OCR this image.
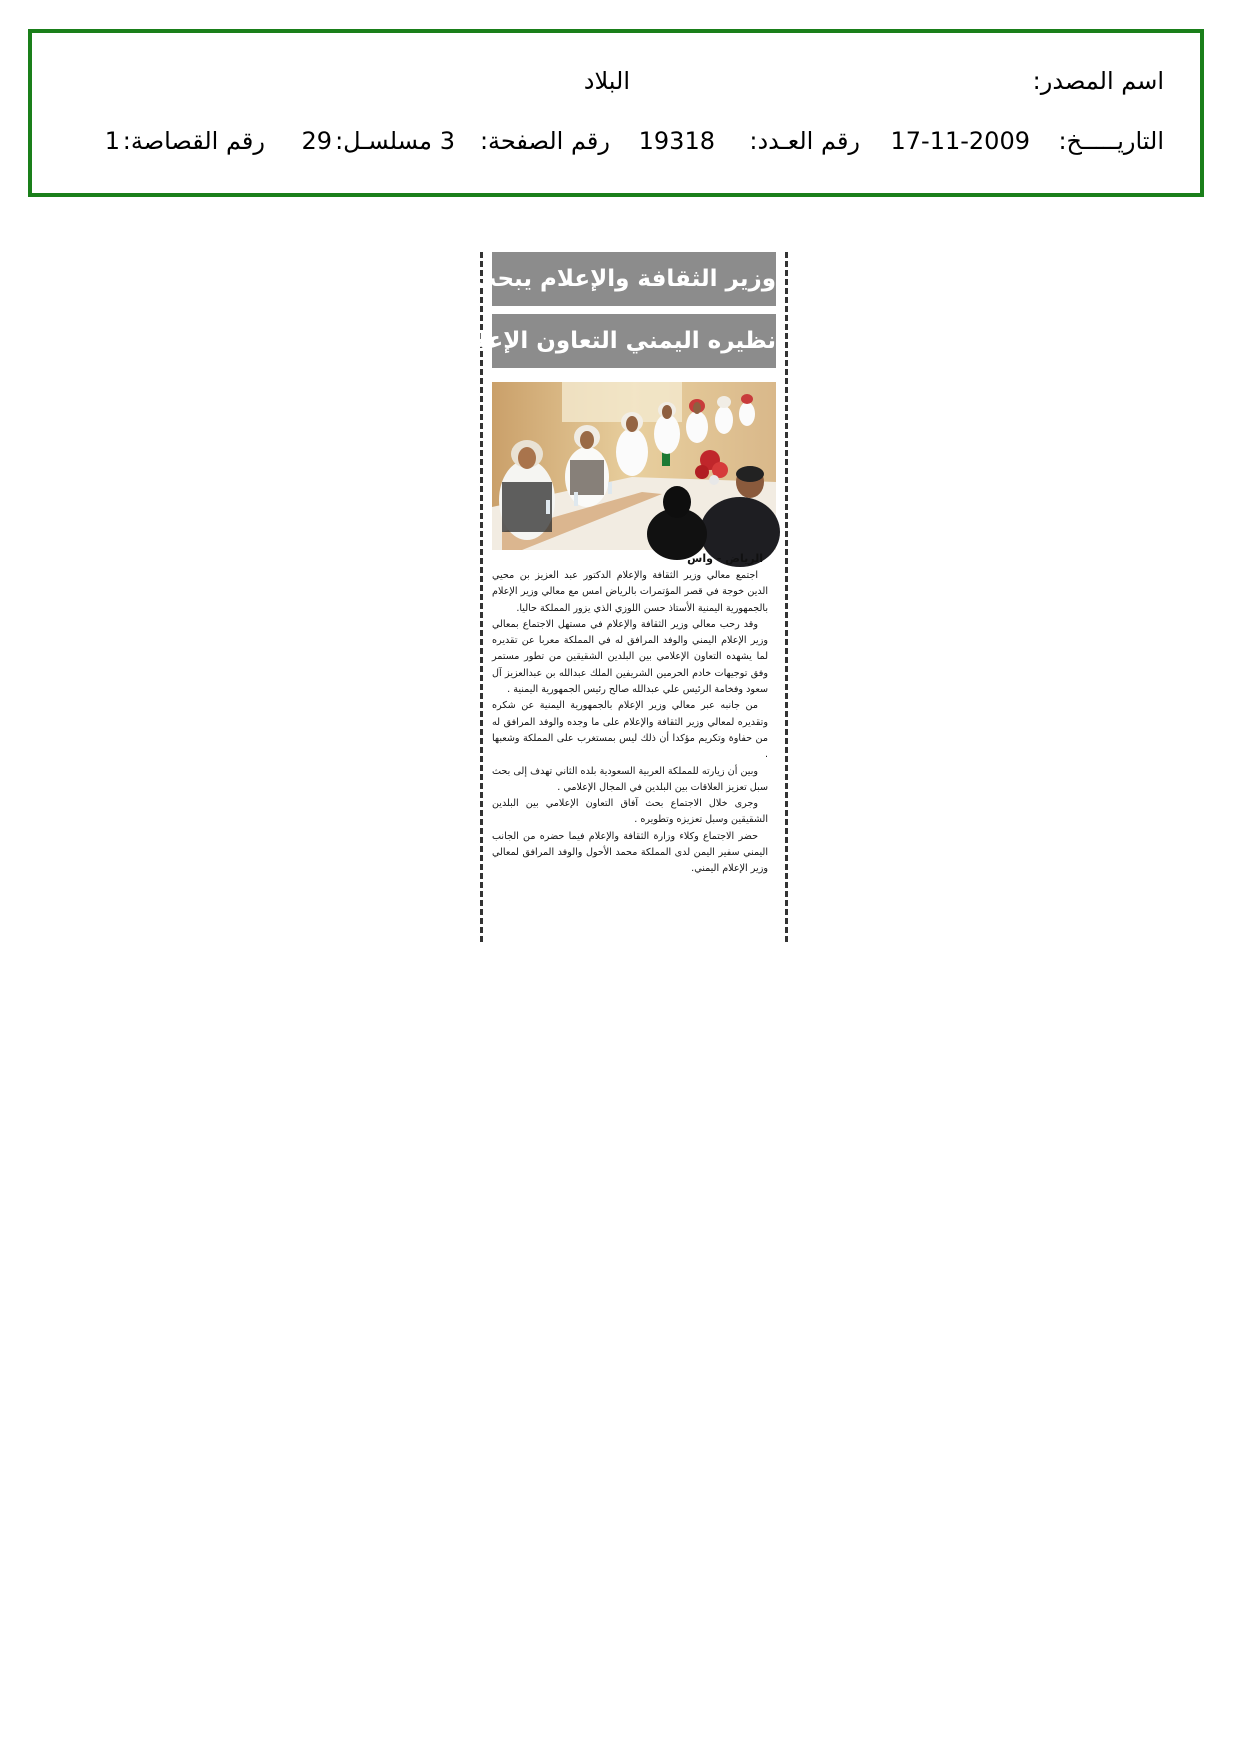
اسم المصدر:
البلاد
التاريـــــخ:
17-11-2009
رقم العـدد:
19318
رقم الصفحة:
3
مسلسـل:
29
رقم القصاصة:
1
وزير الثقافة والإعلام يبحث مع
نظيره اليمني التعاون الإعلامي
الرياض - واس

اجتمع معالي وزير الثقافة والإعلام الدكتور عبد العزيز بن محيي الدين خوجة في قصر المؤتمرات بالرياض امس مع معالي وزير الإعلام بالجمهورية اليمنية الأستاذ حسن اللوزي الذي يزور المملكة حاليا.

وقد رحب معالي وزير الثقافة والإعلام في مستهل الاجتماع بمعالي وزير الإعلام اليمني والوفد المرافق له في المملكة معربا عن تقديره لما يشهده التعاون الإعلامي بين البلدين الشقيقين من تطور مستمر وفق توجيهات خادم الحرمين الشريفين الملك عبدالله بن عبدالعزيز آل سعود وفخامة الرئيس علي عبدالله صالح رئيس الجمهورية اليمنية .

من جانبه عبر معالي وزير الإعلام بالجمهورية اليمنية عن شكره وتقديره لمعالي وزير الثقافة والإعلام على ما وجده والوفد المرافق له من حفاوة وتكريم مؤكدا أن ذلك ليس بمستغرب على المملكة وشعبها .

وبين أن زيارته للمملكة العربية السعودية بلده الثاني تهدف إلى بحث سبل تعزيز العلاقات بين البلدين في المجال الإعلامي .

وجرى خلال الاجتماع بحث آفاق التعاون الإعلامي بين البلدين الشقيقين وسبل تعزيزه وتطويره .

حضر الاجتماع وكلاء وزارة الثقافة والإعلام فيما حضره من الجانب اليمني سفير اليمن لدى المملكة محمد الأحول والوفد المرافق لمعالي وزير الإعلام اليمني.
